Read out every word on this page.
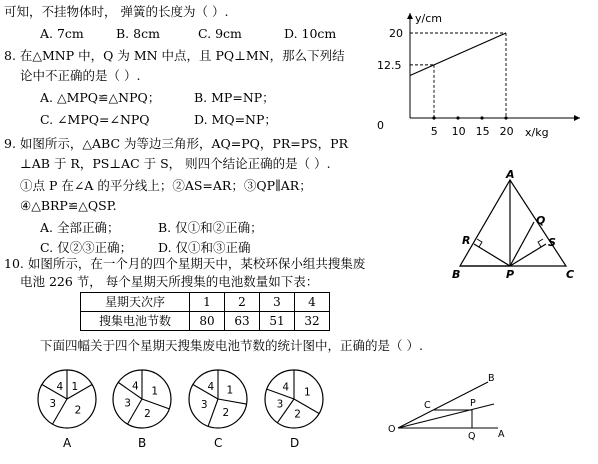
可知，不挂物体时， 弹簧的长度为（ ）.
A. 7cm	B. 8cm	C. 9cm	D. 10cm
8. 在△MNP 中，Q 为 MN 中点，且 PQ⊥MN，那么下列结
论中不正确的是（ ）.
A. △MPQ≌△NPQ；	B. MP=NP；
C. ∠MPQ=∠NPQ	D. MQ=NP；
9. 如图所示，△ABC 为等边三角形，AQ=PQ，PR=PS，PR
⊥AB 于 R，PS⊥AC 于 S， 则四个结论正确的是（ ）.
①点 P 在∠A 的平分线上；②AS=AR；③QP∥AR；
④△BRP≌△QSP.
A. 全部正确；	B. 仅①和②正确；
C. 仅②③正确； D. 仅①和③正确
10. 如图所示，在一个月的四个星期天中，某校环保小组共搜集废
电池 226 节， 每个星期天所搜集的电池数量如下表：
星期天次序	1	2	3	4
搜集电池节数	80	63	51	32
下面四幅关于四个星期天搜集废电池节数的统计图中，正确的是（ ）.
y/cm
x/kg
0
20
12.5
5 10 15 20
A
B	C
P
Q
R	S
1
2
3
4
A
1
2
3
4
B
1
2
3
4
C
1
2
3
4
D
O	A
B
C	P
Q
